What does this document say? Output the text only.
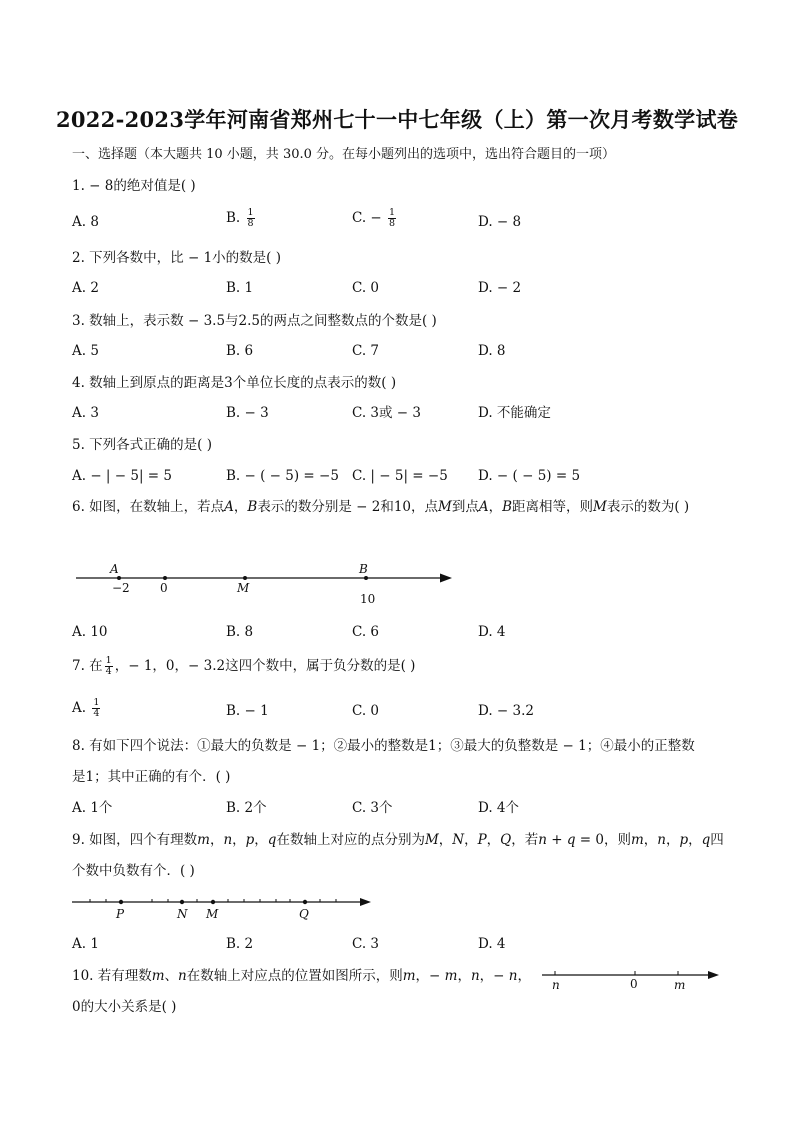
2022-2023学年河南省郑州七十一中七年级（上）第一次月考数学试卷
一、选择题（本大题共 10 小题，共 30.0 分。在每小题列出的选项中，选出符合题目的一项）
1. − 8的绝对值是( )
A. 8	B. $\frac{1}{8}$	C. − $\frac{1}{8}$	D. − 8
2. 下列各数中，比 − 1小的数是( )
A. 2	B. 1	C. 0	D. − 2
3. 数轴上，表示数 − 3.5与2.5的两点之间整数点的个数是( )
A. 5	B. 6	C. 7	D. 8
4. 数轴上到原点的距离是3个单位长度的点表示的数( )
A. 3	B. − 3	C. 3或 − 3	D. 不能确定
5. 下列各式正确的是( )
A. − | − 5| = 5	B. − ( − 5) = −5 C. | − 5| = −5 D. − ( − 5) = 5
6. 如图，在数轴上，若点𝐴，𝐵表示的数分别是 − 2和10，点𝑀到点𝐴，𝐵距离相等，则𝑀表示的数为( )
A
−2	0	M
B
10
A. 10	B. 8	C. 6	D. 4
7. 在 $\frac{1}{4}$ ，− 1，0，− 3.2这四个数中，属于负分数的是( )
A. $\frac{1}{4}$	B. − 1	C. 0	D. − 3.2
8. 有如下四个说法：①最大的负数是 − 1；②最小的整数是1；③最大的负整数是 − 1；④最小的正整数
是1；其中正确的有个．( )
A. 1个	B. 2个	C. 3个	D. 4个
9. 如图，四个有理数𝑚，𝑛，𝑝，𝑞在数轴上对应的点分别为𝑀，𝑁，𝑃，𝑄，若𝑛 + 𝑞 = 0，则𝑚，𝑛，𝑝，𝑞四
个数中负数有个．( )
P	N M	Q
A. 1	B. 2	C. 3	D. 4
10. 若有理数𝑚、𝑛在数轴上对应点的位置如图所示，则𝑚，− 𝑚，𝑛，− 𝑛，
0的大小关系是( )
n	0	m
